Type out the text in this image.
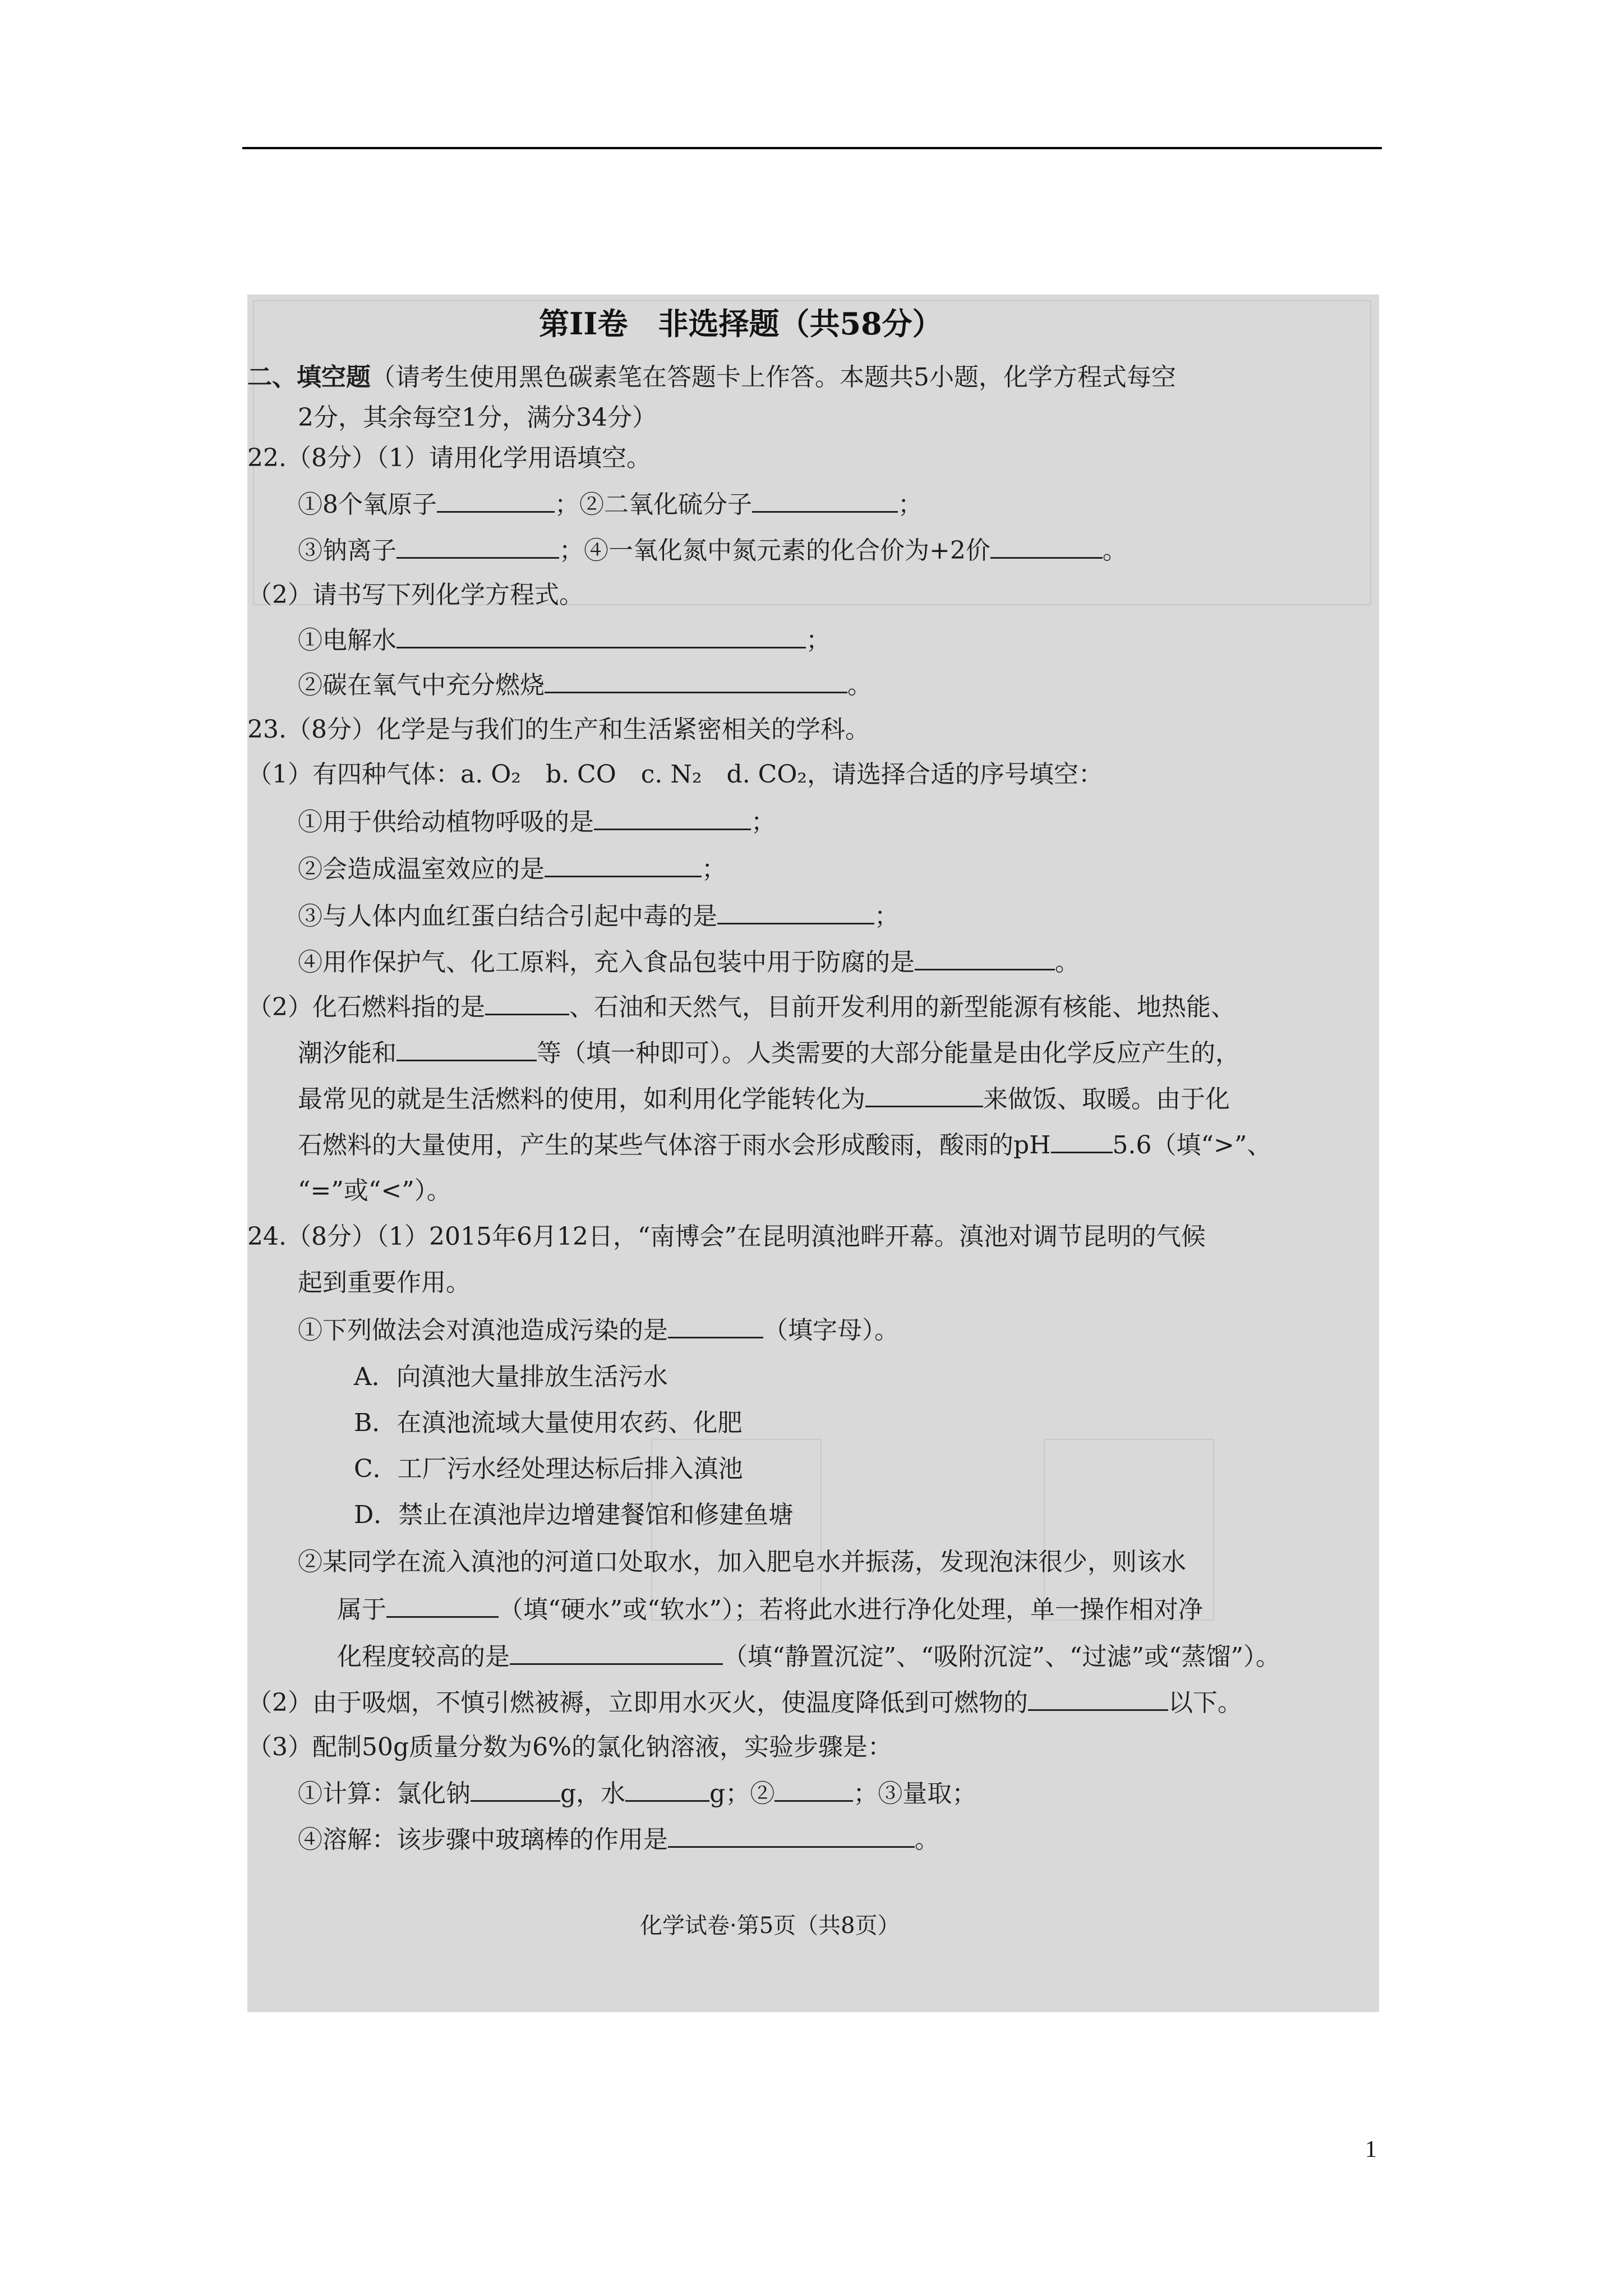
第II卷　非选择题（共58分）
二、填空题（请考生使用黑色碳素笔在答题卡上作答。本题共5小题，化学方程式每空
2分，其余每空1分，满分34分）
22.（8分）（1）请用化学用语填空。
①8个氧原子	；②二氧化硫分子	；
③钠离子	；④一氧化氮中氮元素的化合价为+2价	。
（2）请书写下列化学方程式。
①电解水	；
②碳在氧气中充分燃烧	。
23.（8分）化学是与我们的生产和生活紧密相关的学科。
（1）有四种气体：a. O₂　b. CO　c. N₂　d. CO₂，请选择合适的序号填空：
①用于供给动植物呼吸的是	；
②会造成温室效应的是	；
③与人体内血红蛋白结合引起中毒的是	；
④用作保护气、化工原料，充入食品包装中用于防腐的是	。
（2）化石燃料指的是	、石油和天然气，目前开发利用的新型能源有核能、地热能、
潮汐能和	等（填一种即可）。人类需要的大部分能量是由化学反应产生的，
最常见的就是生活燃料的使用，如利用化学能转化为	来做饭、取暖。由于化
石燃料的大量使用，产生的某些气体溶于雨水会形成酸雨，酸雨的pH	5.6（填“>”、
“=”或“<”）。
24.（8分）（1）2015年6月12日，“南博会”在昆明滇池畔开幕。滇池对调节昆明的气候
起到重要作用。
①下列做法会对滇池造成污染的是	（填字母）。
A．向滇池大量排放生活污水
B．在滇池流域大量使用农药、化肥
C．工厂污水经处理达标后排入滇池
D．禁止在滇池岸边增建餐馆和修建鱼塘
②某同学在流入滇池的河道口处取水，加入肥皂水并振荡，发现泡沫很少，则该水
属于	（填“硬水”或“软水”）；若将此水进行净化处理，单一操作相对净
化程度较高的是	（填“静置沉淀”、“吸附沉淀”、“过滤”或“蒸馏”）。
（2）由于吸烟，不慎引燃被褥，立即用水灭火，使温度降低到可燃物的	以下。
（3）配制50g质量分数为6%的氯化钠溶液，实验步骤是：
①计算：氯化钠	g，水	g；②	；③量取；
④溶解：该步骤中玻璃棒的作用是	。
化学试卷·第5页（共8页）
1
